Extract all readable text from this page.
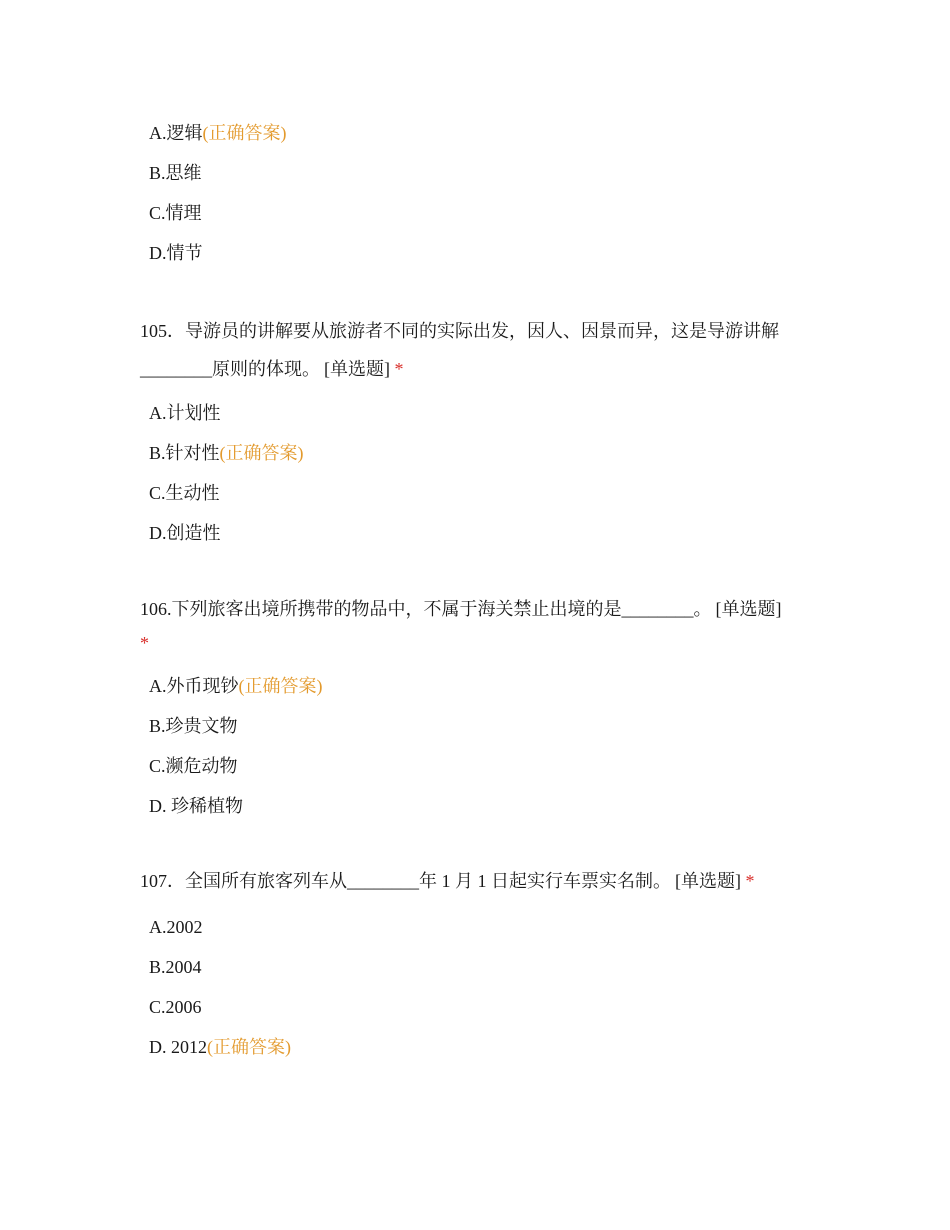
A.逻辑(正确答案)
B.思维
C.情理
D.情节
105．导游员的讲解要从旅游者不同的实际出发，因人、因景而异，这是导游讲解
________原则的体现。 [单选题] *
A.计划性
B.针对性(正确答案)
C.生动性
D.创造性
106.下列旅客出境所携带的物品中，不属于海关禁止出境的是________。 [单选题]
*
A.外币现钞(正确答案)
B.珍贵文物
C.濒危动物
D. 珍稀植物
107．全国所有旅客列车从________年 1 月 1 日起实行车票实名制。 [单选题] *
A.2002
B.2004
C.2006
D. 2012(正确答案)
